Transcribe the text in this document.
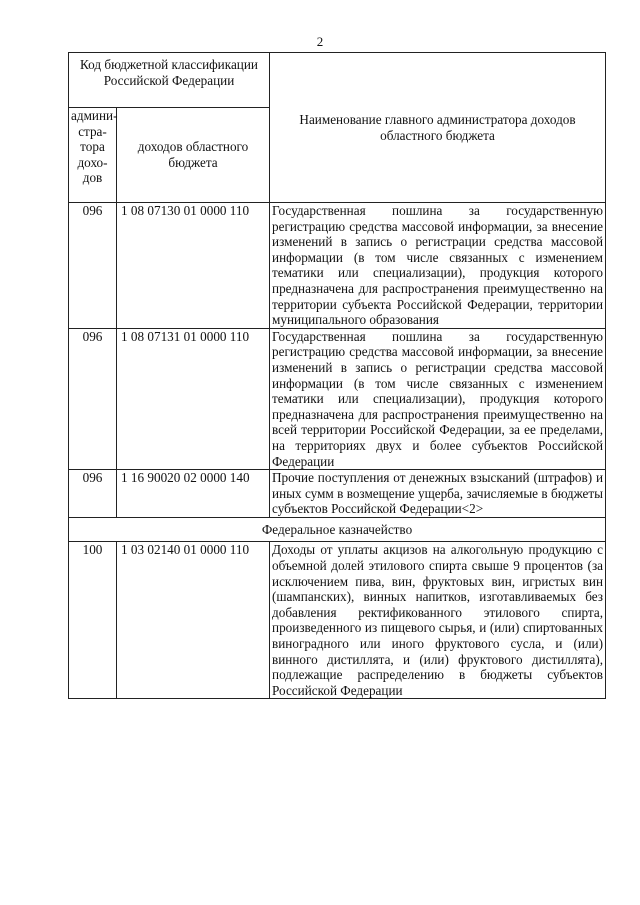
2
Код бюджетной классификации Российской Федерации		Наименование главного администратора доходов областного бюджета
админи-стра-тора дохо-дов	доходов областного бюджета	
096	1 08 07130 01 0000 110	Государственная пошлина за государственную регистрацию средства массовой информации, за внесение изменений в запись о регистрации средства массовой информации (в том числе связанных с изменением тематики или специализации), продукция которого предназначена для распространения преимущественно на территории субъекта Российской Федерации, территории муниципального образования
096	1 08 07131 01 0000 110	Государственная пошлина за государственную регистрацию средства массовой информации, за внесение изменений в запись о регистрации средства массовой информации (в том числе связанных с изменением тематики или специализации), продукция которого предназначена для распространения преимущественно на всей территории Российской Федерации, за ее пределами, на территориях двух и более субъектов Российской Федерации
096	1 16 90020 02 0000 140	Прочие поступления от денежных взысканий (штрафов) и иных сумм в возмещение ущерба, зачисляемые в бюджеты субъектов Российской Федерации<2>
Федеральное казначейство		
100	1 03 02140 01 0000 110	Доходы от уплаты акцизов на алкогольную продукцию с объемной долей этилового спирта свыше 9 процентов (за исключением пива, вин, фруктовых вин, игристых вин (шампанских), винных напитков, изготавливаемых без добавления ректификованного этилового спирта, произведенного из пищевого сырья, и (или) спиртованных виноградного или иного фруктового сусла, и (или) винного дистиллята, и (или) фруктового дистиллята), подлежащие распределению в бюджеты субъектов Российской Федерации
